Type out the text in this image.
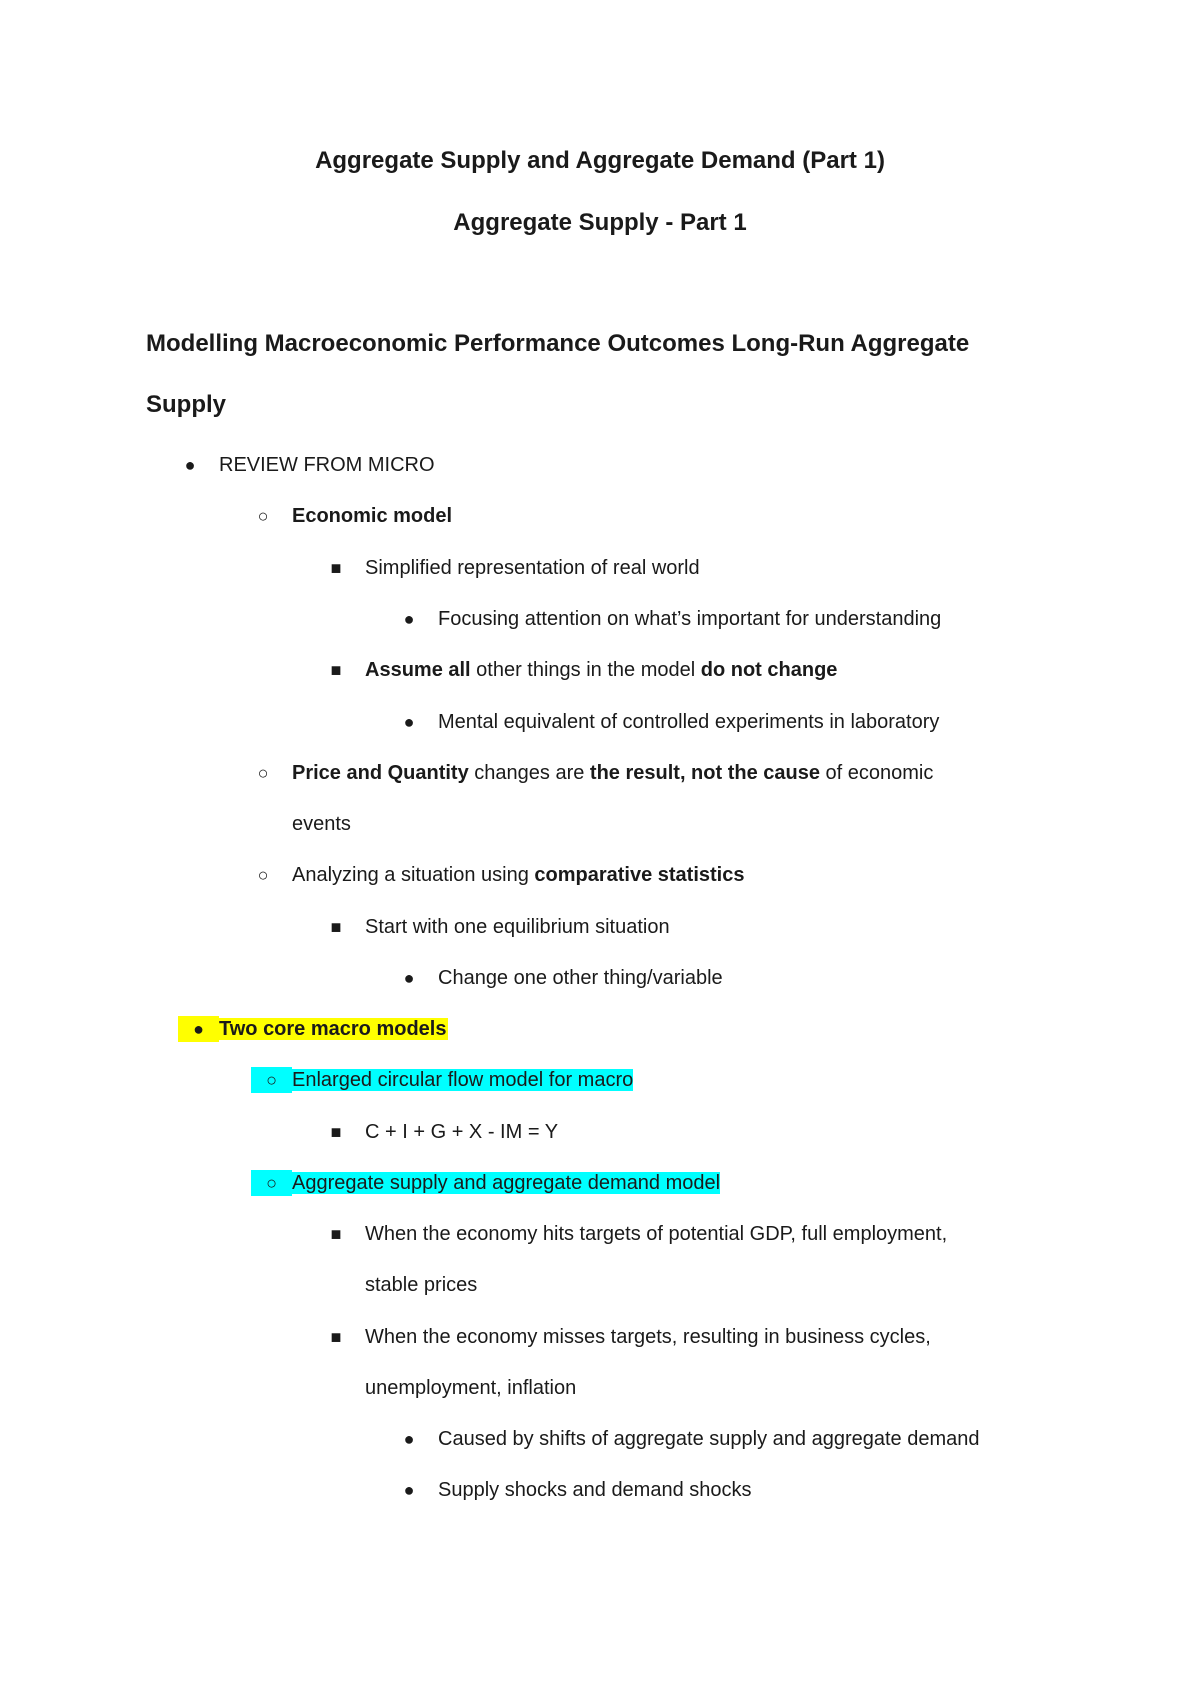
Aggregate Supply and Aggregate Demand (Part 1)
Aggregate Supply - Part 1
Modelling Macroeconomic Performance Outcomes Long-Run Aggregate
Supply
●	REVIEW FROM MICRO
○	Economic model
■	Simplified representation of real world
●	Focusing attention on what’s important for understanding
■	Assume all other things in the model do not change
●	Mental equivalent of controlled experiments in laboratory
○	Price and Quantity changes are the result, not the cause of economic
events
○	Analyzing a situation using comparative statistics
■	Start with one equilibrium situation
●	Change one other thing/variable
● Two core macro models
○ Enlarged circular flow model for macro
■	C + I + G + X - IM = Y
○ Aggregate supply and aggregate demand model
■	When the economy hits targets of potential GDP, full employment,
stable prices
■	When the economy misses targets, resulting in business cycles,
unemployment, inflation
●	Caused by shifts of aggregate supply and aggregate demand
●	Supply shocks and demand shocks
